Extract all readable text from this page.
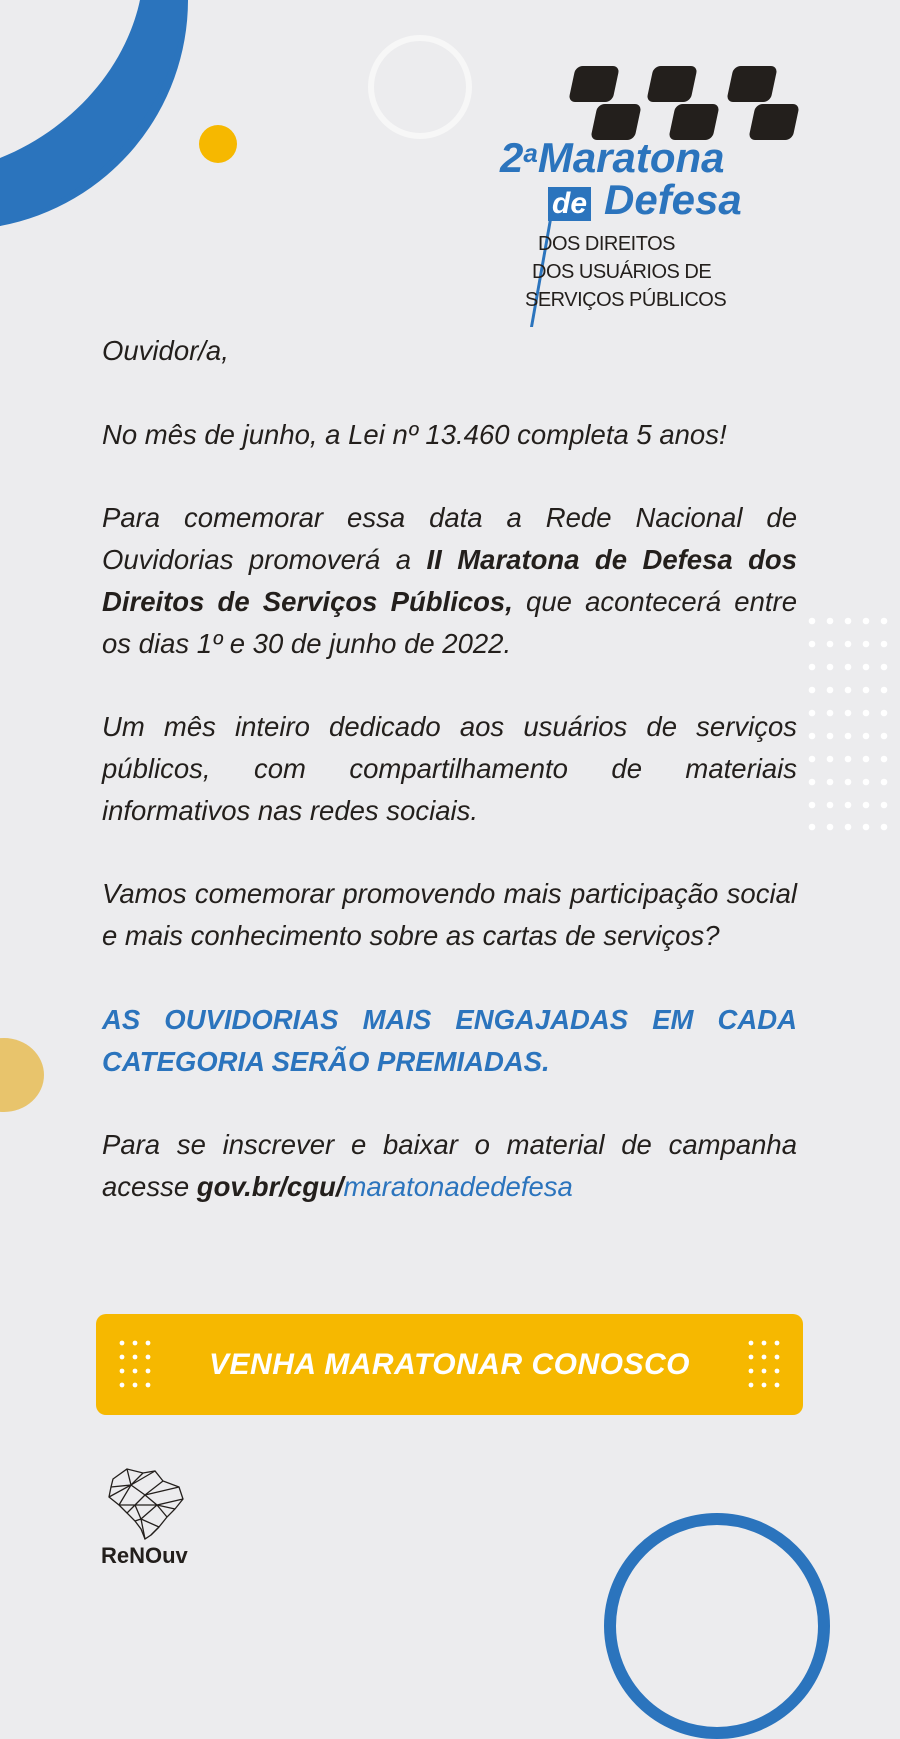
2$^a$Maratona
de Defesa
DOS DIREITOS
DOS USUÁRIOS DE
SERVIÇOS PÚBLICOS

Ouvidor/a,

No mês de junho, a Lei nº 13.460 completa 5 anos!

Para comemorar essa data a Rede Nacional de Ouvidorias promoverá a II Maratona de Defesa dos Direitos de Serviços Públicos, que acontecerá entre os dias 1º e 30 de junho de 2022.

Um mês inteiro dedicado aos usuários de serviços públicos, com compartilhamento de materiais informativos nas redes sociais.

Vamos comemorar promovendo mais participação social e mais conhecimento sobre as cartas de serviços?

AS OUVIDORIAS MAIS ENGAJADAS EM CADA CATEGORIA SERÃO PREMIADAS.

Para se inscrever e baixar o material de campanha acesse gov.br/cgu/maratonadedefesa

VENHA MARATONAR CONOSCO
ReNOuv
